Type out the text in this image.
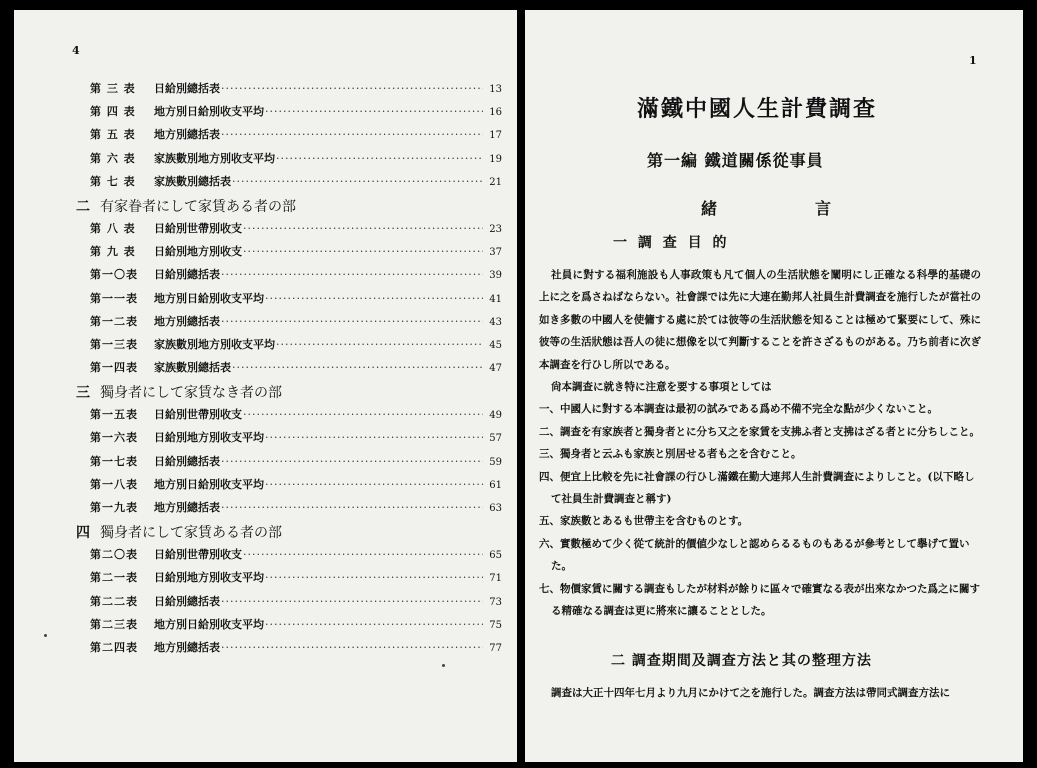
4
第 三 表	日給別總括表 ·····	13
第 四 表	地方別日給別收支平均 ·····	16
第 五 表	地方別總括表 ·····	17
第 六 表	家族數別地方別收支平均 ·····	19
第 七 表	家族數別總括表 ·····	21
二 有家眷者にして家賃ある者の部
第 八 表	日給別世帶別收支 ·····	23
第 九 表	日給別地方別收支 ·····	37
第一〇表	日給別總括表 ·····	39
第一一表	地方別日給別收支平均 ·····	41
第一二表	地方別總括表 ·····	43
第一三表	家族數別地方別收支平均 ·····	45
第一四表	家族數別總括表 ·····	47
三 獨身者にして家賃なき者の部
第一五表	日給別世帶別收支 ·····	49
第一六表	日給別地方別收支平均 ·····	57
第一七表	日給別總括表 ·····	59
第一八表	地方別日給別收支平均 ·····	61
第一九表	地方別總括表 ·····	63
四 獨身者にして家賃ある者の部
第二〇表	日給別世帶別收支 ·····	65
第二一表	日給別地方別收支平均 ·····	71
第二二表	日給別總括表 ·····	73
第二三表	地方別日給別收支平均 ·····	75
第二四表	地方別總括表 ·····	77
1
滿鐵中國人生計費調查
第一編 鐵道關係從事員
緒	言
一 調 查 目 的

社員に對する福利施設も人事政策も凡て個人の生活狀態を闡明にし正確なる科學的基礎の上に之を爲さねばならない。社會課では先に大連在勤邦人社員生計費調查を施行したが當社の如き多數の中國人を使傭する處に於ては彼等の生活狀態を知ることは極めて緊要にして、殊に彼等の生活狀態は吾人の徒に想像を以て判斷することを許さざるものがある。乃ち前者に次ぎ本調查を行ひし所以である。

尙本調查に就き特に注意を要する事項としては

一、中國人に對する本調查は最初の試みである爲め不備不完全な點が少くないこと。

二、調查を有家族者と獨身者とに分ち又之を家賃を支拂ふ者と支拂はざる者とに分ちしこと。

三、獨身者と云ふも家族と別居せる者も之を含むこと。

四、便宜上比較を先に社會課の行ひし滿鐵在勤大連邦人生計費調查によりしこと。(以下略して社員生計費調查と稱す)

五、家族數とあるも世帶主を含むものとす。

六、實數極めて少く從て統計的價値少なしと認めらるるものもあるが參考として擧げて置いた。

七、物價家賃に關する調查もしたが材料が餘りに區々で確實なる表が出來なかつた爲之に關する精確なる調查は更に將來に讓ることとした。

二 調查期間及調查方法と其の整理方法

調查は大正十四年七月より九月にかけて之を施行した。調查方法は帶同式調查方法に
